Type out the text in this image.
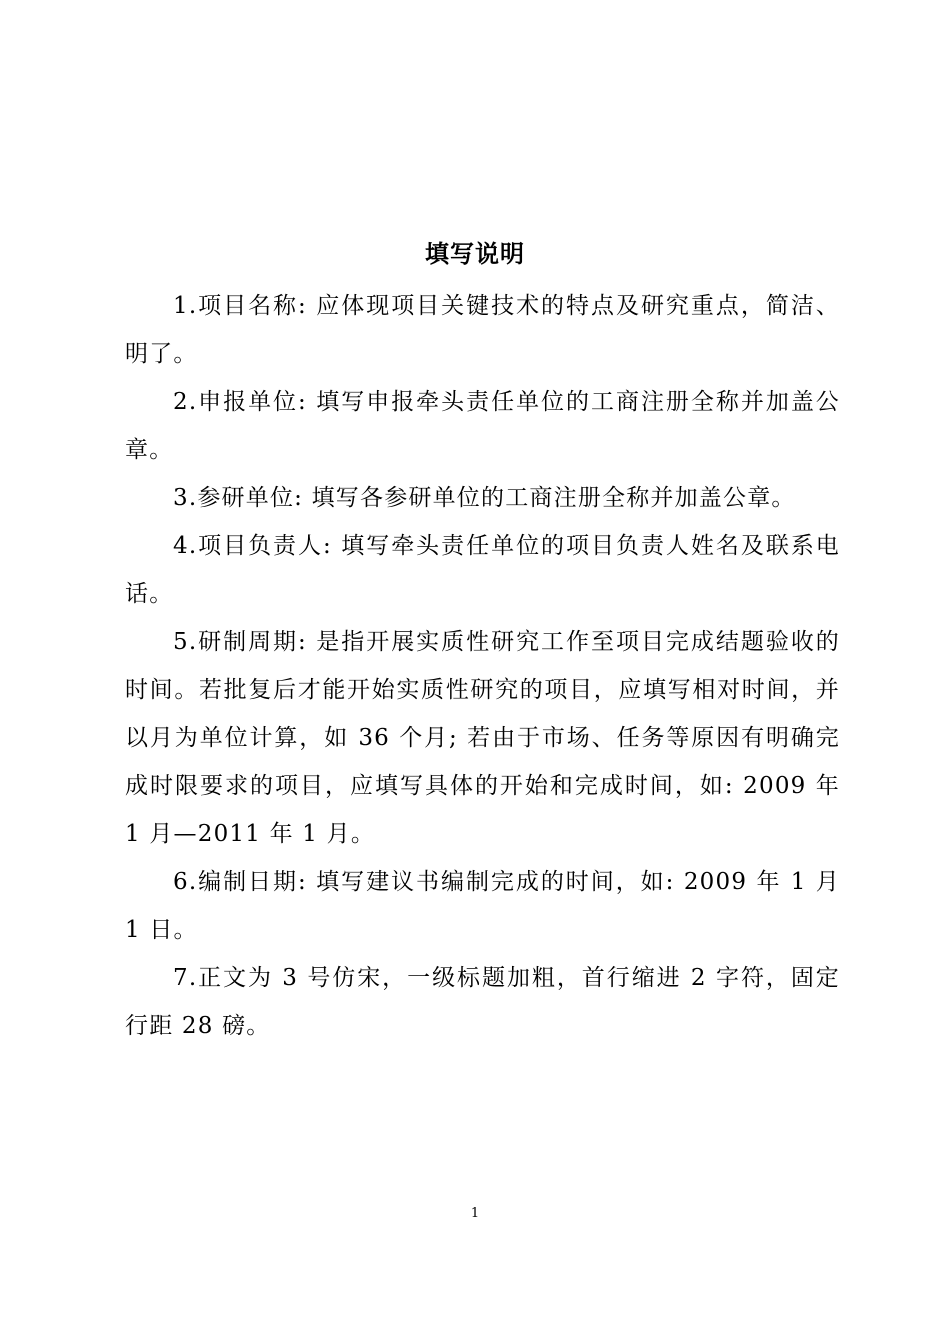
填写说明

1.项目名称: 应体现项目关键技术的特点及研究重点，简洁、明了。

2.申报单位: 填写申报牵头责任单位的工商注册全称并加盖公章。

3.参研单位: 填写各参研单位的工商注册全称并加盖公章。

4.项目负责人: 填写牵头责任单位的项目负责人姓名及联系电话。

5.研制周期: 是指开展实质性研究工作至项目完成结题验收的时间。若批复后才能开始实质性研究的项目，应填写相对时间，并以月为单位计算，如 36 个月; 若由于市场、任务等原因有明确完成时限要求的项目，应填写具体的开始和完成时间，如: 2009 年 1 月—2011 年 1 月。

6.编制日期: 填写建议书编制完成的时间，如: 2009 年 1 月 1 日。

7.正文为 3 号仿宋，一级标题加粗，首行缩进 2 字符，固定行距 28 磅。

1
